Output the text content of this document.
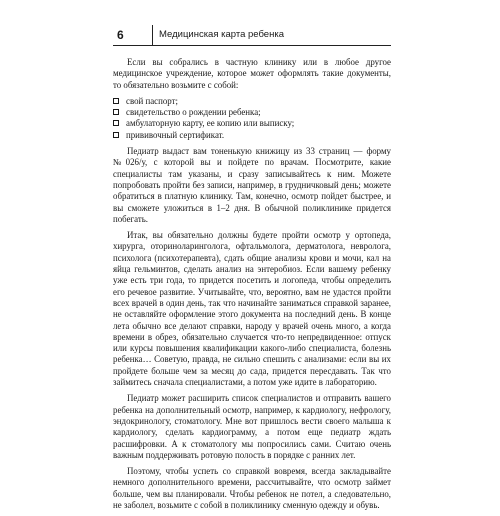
6	Медицинская карта ребенка

Если вы собрались в частную клинику или в любое другое медицинское учреждение, которое может оформлять такие документы, то обязательно возьмите с собой:

свой паспорт;
свидетельство о рождении ребенка;
амбулаторную карту, ее копию или выписку;
прививочный сертификат.

Педиатр выдаст вам тоненькую книжицу из 33 страниц — форму №026/у, с которой вы и пойдете по врачам. Посмотрите, какие специалисты там указаны, и сразу записывайтесь к ним. Можете попробовать пройти без записи, например, в грудничковый день; можете обратиться в платную клинику. Там, конечно, осмотр пойдет быстрее, и вы сможете уложиться в 1–2 дня. В обычной поликлинике придется побегать.

Итак, вы обязательно должны будете пройти осмотр у ортопеда, хирурга, оториноларинголога, офтальмолога, дерматолога, невролога, психолога (психотерапевта), сдать общие анализы крови и мочи, кал на яйца гельминтов, сделать анализ на энтеробиоз. Если вашему ребенку уже есть три года, то придется посетить и логопеда, чтобы определить его речевое развитие. Учитывайте, что, вероятно, вам не удастся пройти всех врачей в один день, так что начинайте заниматься справкой заранее, не оставляйте оформление этого документа на последний день. В конце лета обычно все делают справки, народу у врачей очень много, а когда времени в обрез, обязательно случается что-то непредвиденное: отпуск или курсы повышения квалификации какого-либо специалиста, болезнь ребенка… Советую, правда, не сильно спешить с анализами: если вы их пройдете больше чем за месяц до сада, придется пересдавать. Так что займитесь сначала специалистами, а потом уже идите в лабораторию.

Педиатр может расширить список специалистов и отправить вашего ребенка на дополнительный осмотр, например, к кардиологу, нефрологу, эндокринологу, стоматологу. Мне вот пришлось вести своего малыша к кардиологу, сделать кардиограмму, а потом еще педиатр ждать расшифровки. А к стоматологу мы попросились сами. Считаю очень важным поддерживать ротовую полость в порядке с ранних лет.

Поэтому, чтобы успеть со справкой вовремя, всегда закладывайте немного дополнительного времени, рассчитывайте, что осмотр займет больше, чем вы планировали. Чтобы ребенок не потел, а следовательно, не заболел, возьмите с собой в поликлинику сменную одежду и обувь.
